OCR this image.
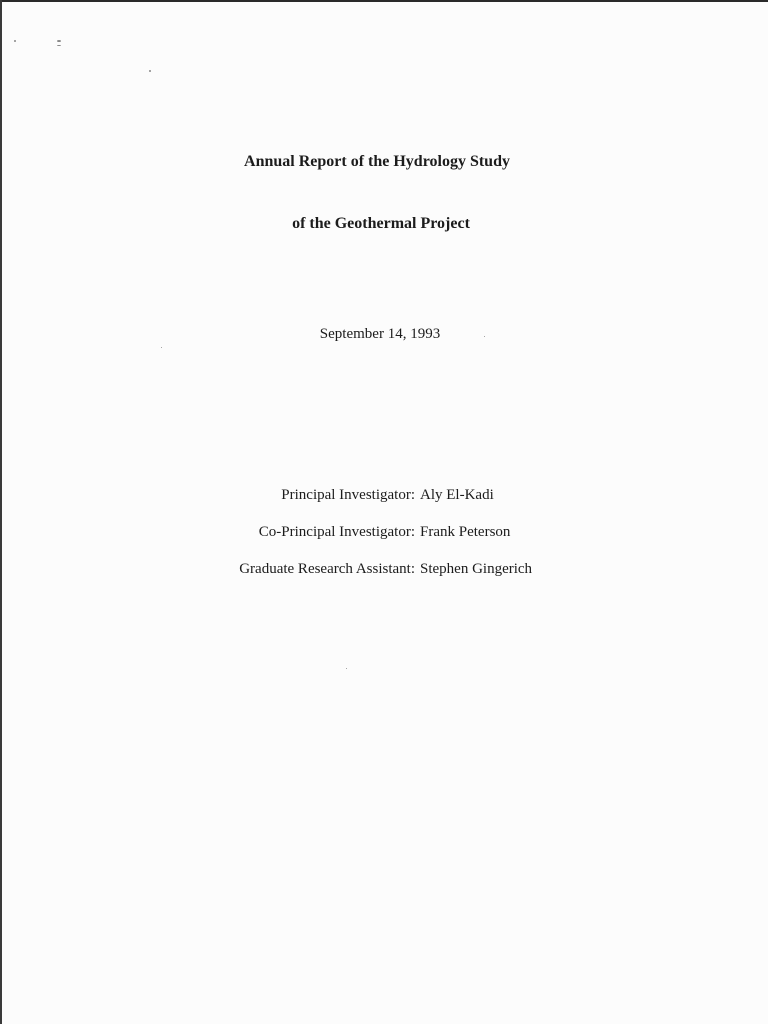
Annual Report of the Hydrology Study
of the Geothermal Project
September 14, 1993
Principal Investigator: Aly El-Kadi
Co-Principal Investigator: Frank Peterson
Graduate Research Assistant: Stephen Gingerich
